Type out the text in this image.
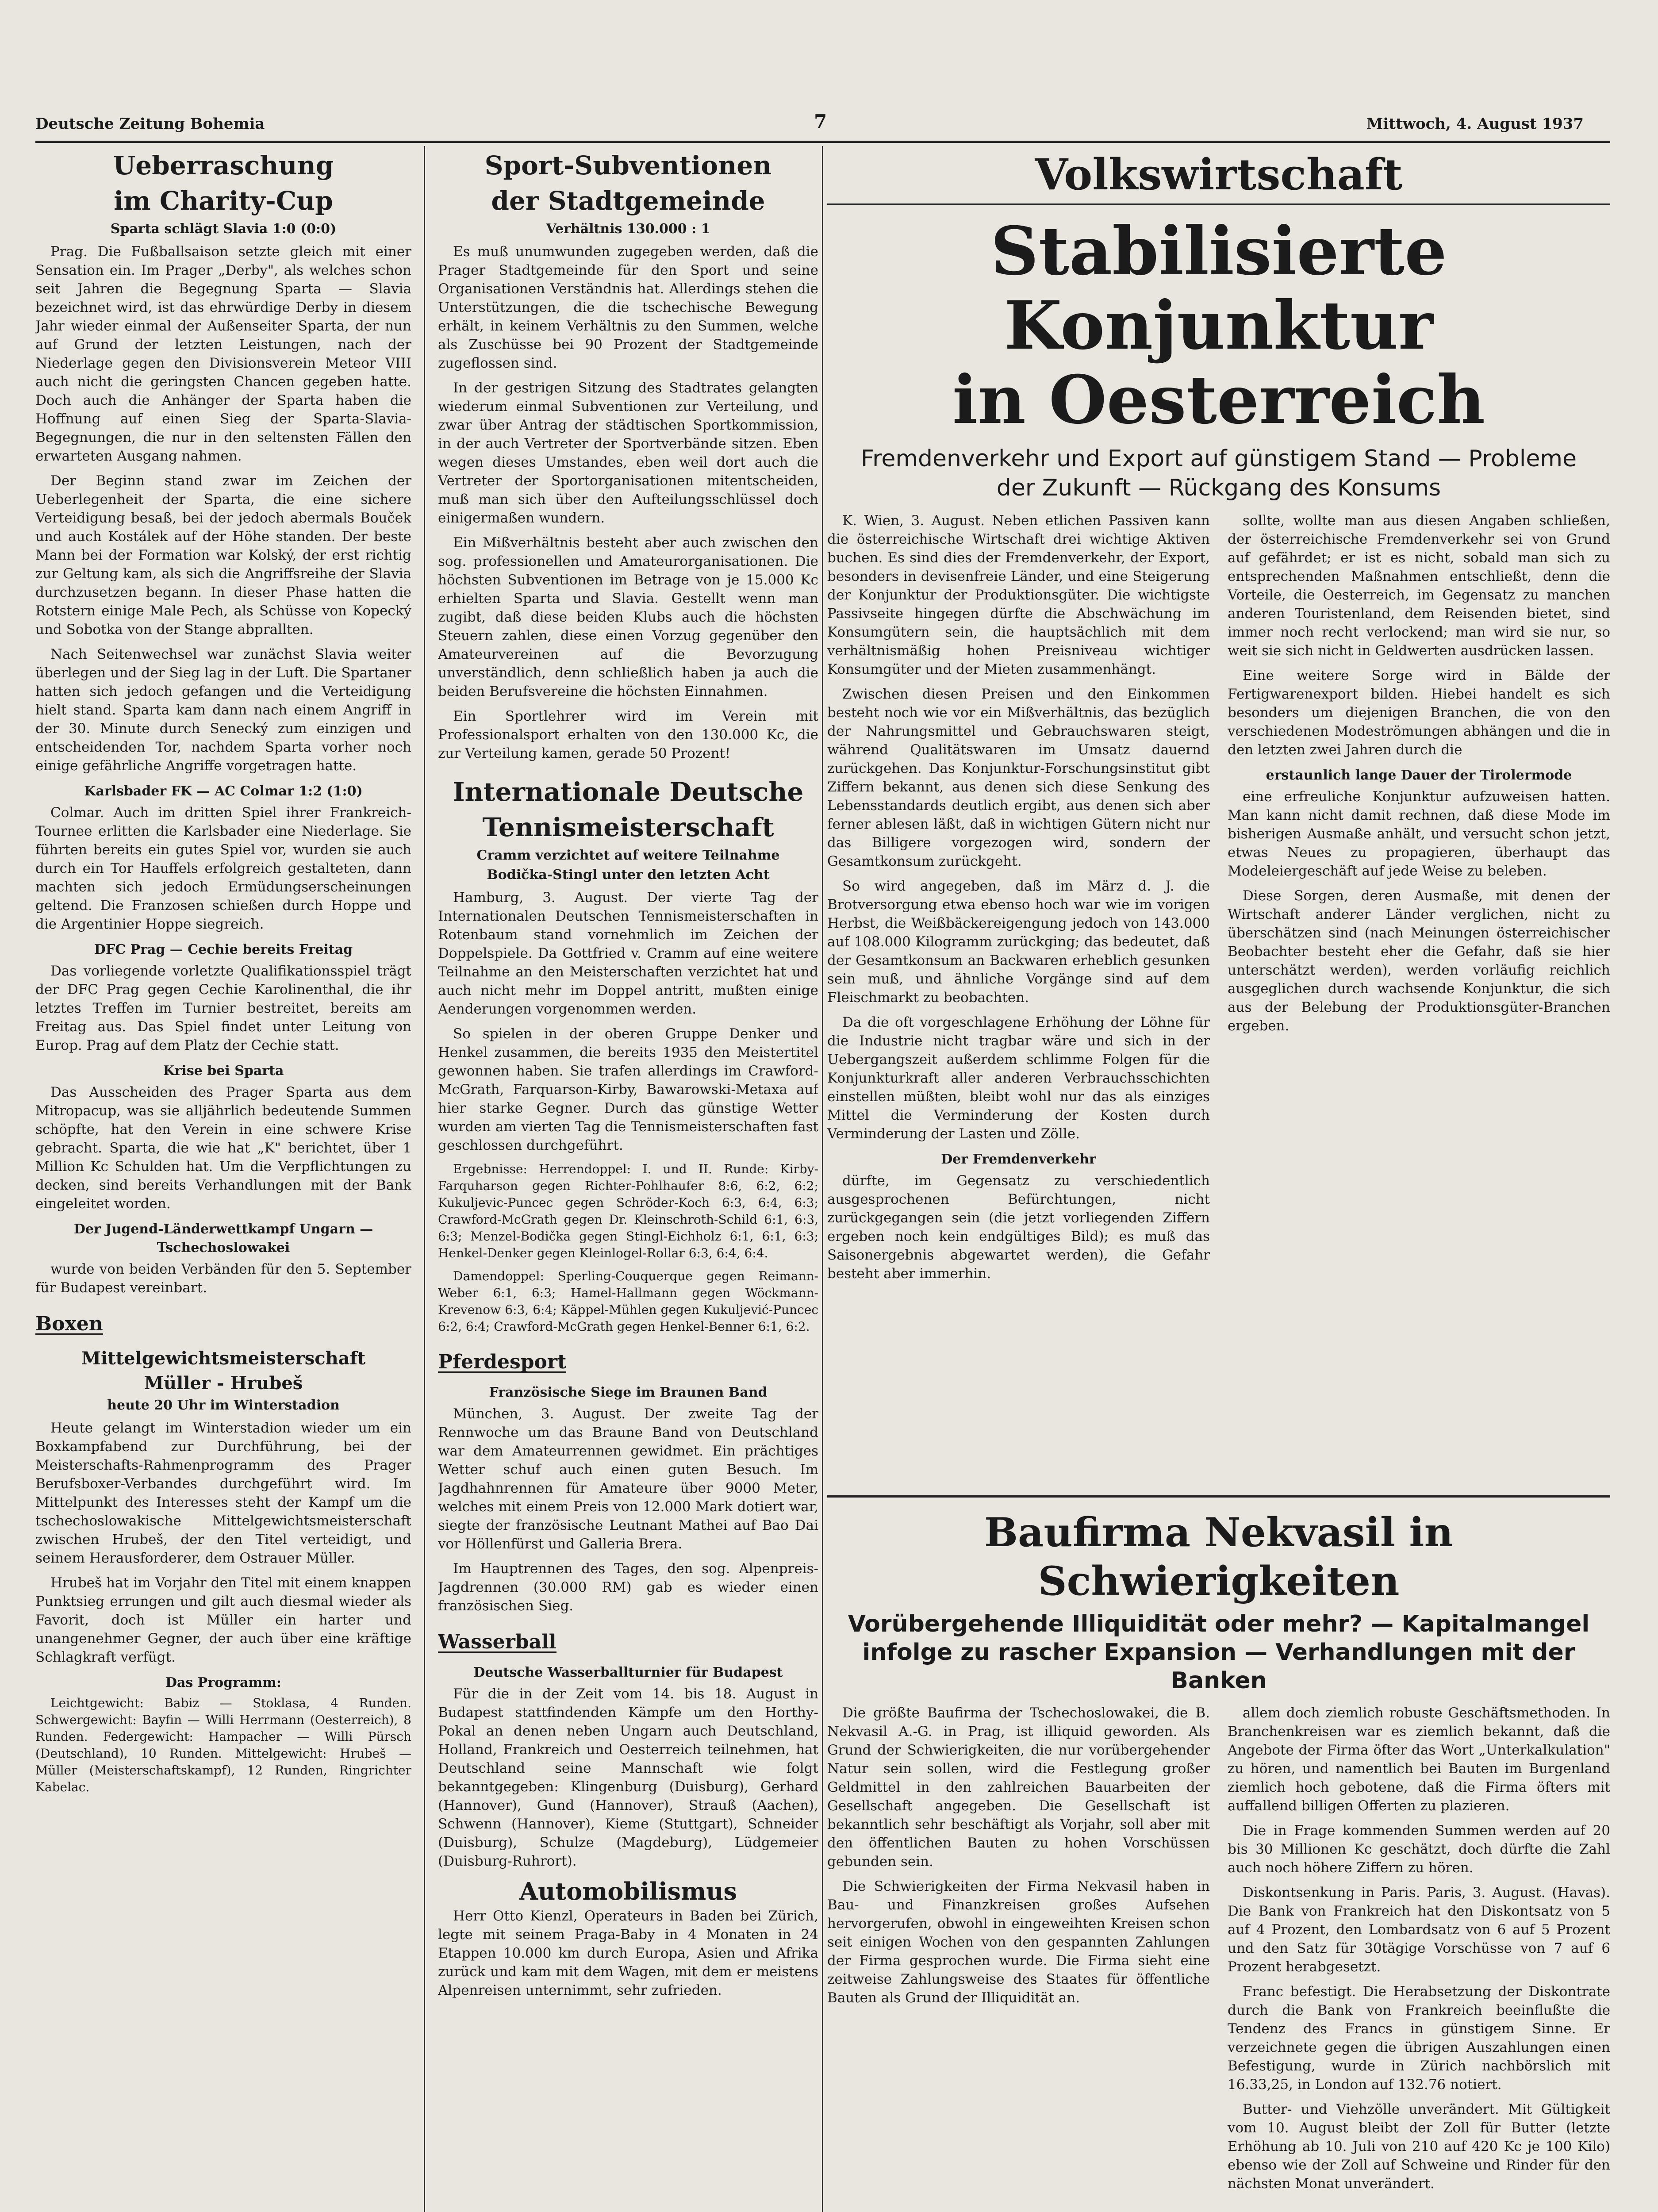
Deutsche Zeitung Bohemia	7	Mittwoch, 4. August 1937
Ueberraschung
im Charity-Cup
Sparta schlägt Slavia 1:0 (0:0)

Prag. Die Fußballsaison setzte gleich mit einer Sensation ein. Im Prager „Derby", als welches schon seit Jahren die Begegnung Sparta — Slavia bezeichnet wird, ist das ehrwürdige Derby in diesem Jahr wieder einmal der Außenseiter Sparta, der nun auf Grund der letzten Leistungen, nach der Niederlage gegen den Divisionsverein Meteor VIII auch nicht die geringsten Chancen gegeben hatte. Doch auch die Anhänger der Sparta haben die Hoffnung auf einen Sieg der Sparta-Slavia-Begegnungen, die nur in den seltensten Fällen den erwarteten Ausgang nahmen.

Der Beginn stand zwar im Zeichen der Ueberlegenheit der Sparta, die eine sichere Verteidigung besaß, bei der jedoch abermals Bouček und auch Kostálek auf der Höhe standen. Der beste Mann bei der Formation war Kolský, der erst richtig zur Geltung kam, als sich die Angriffsreihe der Slavia durchzusetzen begann. In dieser Phase hatten die Rotstern einige Male Pech, als Schüsse von Kopecký und Sobotka von der Stange abprallten.

Nach Seitenwechsel war zunächst Slavia weiter überlegen und der Sieg lag in der Luft. Die Spartaner hatten sich jedoch gefangen und die Verteidigung hielt stand. Sparta kam dann nach einem Angriff in der 30. Minute durch Senecký zum einzigen und entscheidenden Tor, nachdem Sparta vorher noch einige gefährliche Angriffe vorgetragen hatte.

Karlsbader FK — AC Colmar 1:2 (1:0)

Colmar. Auch im dritten Spiel ihrer Frankreich-Tournee erlitten die Karlsbader eine Niederlage. Sie führten bereits ein gutes Spiel vor, wurden sie auch durch ein Tor Hauffels erfolgreich gestalteten, dann machten sich jedoch Ermüdungserscheinungen geltend. Die Franzosen schießen durch Hoppe und die Argentinier Hoppe siegreich.

DFC Prag — Cechie bereits Freitag

Das vorliegende vorletzte Qualifikationsspiel trägt der DFC Prag gegen Cechie Karolinenthal, die ihr letztes Treffen im Turnier bestreitet, bereits am Freitag aus. Das Spiel findet unter Leitung von Europ. Prag auf dem Platz der Cechie statt.

Krise bei Sparta

Das Ausscheiden des Prager Sparta aus dem Mitropacup, was sie alljährlich bedeutende Summen schöpfte, hat den Verein in eine schwere Krise gebracht. Sparta, die wie hat „K" berichtet, über 1 Million Kc Schulden hat. Um die Verpflichtungen zu decken, sind bereits Verhandlungen mit der Bank eingeleitet worden.

Der Jugend-Länderwettkampf Ungarn — Tschechoslowakei

wurde von beiden Verbänden für den 5. September für Budapest vereinbart.

Boxen
Mittelgewichtsmeisterschaft
Müller - Hrubeš
heute 20 Uhr im Winterstadion

Heute gelangt im Winterstadion wieder um ein Boxkampfabend zur Durchführung, bei der Meisterschafts-Rahmenprogramm des Prager Berufsboxer-Verbandes durchgeführt wird. Im Mittelpunkt des Interesses steht der Kampf um die tschechoslowakische Mittelgewichtsmeisterschaft zwischen Hrubeš, der den Titel verteidigt, und seinem Herausforderer, dem Ostrauer Müller.

Hrubeš hat im Vorjahr den Titel mit einem knappen Punktsieg errungen und gilt auch diesmal wieder als Favorit, doch ist Müller ein harter und unangenehmer Gegner, der auch über eine kräftige Schlagkraft verfügt.

Das Programm:

Leichtgewicht: Babiz — Stoklasa, 4 Runden. Schwergewicht: Bayfin — Willi Herrmann (Oesterreich), 8 Runden. Federgewicht: Hampacher — Willi Pürsch (Deutschland), 10 Runden. Mittelgewicht: Hrubeš — Müller (Meisterschaftskampf), 12 Runden, Ringrichter Kabelac.

Sport-Subventionen
der Stadtgemeinde
Verhältnis 130.000 : 1

Es muß unumwunden zugegeben werden, daß die Prager Stadtgemeinde für den Sport und seine Organisationen Verständnis hat. Allerdings stehen die Unterstützungen, die die tschechische Bewegung erhält, in keinem Verhältnis zu den Summen, welche als Zuschüsse bei 90 Prozent der Stadtgemeinde zugeflossen sind.

In der gestrigen Sitzung des Stadtrates gelangten wiederum einmal Subventionen zur Verteilung, und zwar über Antrag der städtischen Sportkommission, in der auch Vertreter der Sportverbände sitzen. Eben wegen dieses Umstandes, eben weil dort auch die Vertreter der Sportorganisationen mitentscheiden, muß man sich über den Aufteilungsschlüssel doch einigermaßen wundern.

Ein Mißverhältnis besteht aber auch zwischen den sog. professionellen und Amateurorganisationen. Die höchsten Subventionen im Betrage von je 15.000 Kc erhielten Sparta und Slavia. Gestellt wenn man zugibt, daß diese beiden Klubs auch die höchsten Steuern zahlen, diese einen Vorzug gegenüber den Amateurvereinen auf die Bevorzugung unverständlich, denn schließlich haben ja auch die beiden Berufsvereine die höchsten Einnahmen.

Ein Sportlehrer wird im Verein mit Professionalsport erhalten von den 130.000 Kc, die zur Verteilung kamen, gerade 50 Prozent!

Internationale Deutsche
Tennismeisterschaft
Cramm verzichtet auf weitere Teilnahme
Bodička-Stingl unter den letzten Acht

Hamburg, 3. August. Der vierte Tag der Internationalen Deutschen Tennismeisterschaften in Rotenbaum stand vornehmlich im Zeichen der Doppelspiele. Da Gottfried v. Cramm auf eine weitere Teilnahme an den Meisterschaften verzichtet hat und auch nicht mehr im Doppel antritt, mußten einige Aenderungen vorgenommen werden.

So spielen in der oberen Gruppe Denker und Henkel zusammen, die bereits 1935 den Meistertitel gewonnen haben. Sie trafen allerdings im Crawford-McGrath, Farquarson-Kirby, Bawarowski-Metaxa auf hier starke Gegner. Durch das günstige Wetter wurden am vierten Tag die Tennismeisterschaften fast geschlossen durchgeführt.

Ergebnisse: Herrendoppel: I. und II. Runde: Kirby-Farquharson gegen Richter-Pohlhaufer 8:6, 6:2, 6:2; Kukuljevic-Puncec gegen Schröder-Koch 6:3, 6:4, 6:3; Crawford-McGrath gegen Dr. Kleinschroth-Schild 6:1, 6:3, 6:3; Menzel-Bodička gegen Stingl-Eichholz 6:1, 6:1, 6:3; Henkel-Denker gegen Kleinlogel-Rollar 6:3, 6:4, 6:4.

Damendoppel: Sperling-Couquerque gegen Reimann-Weber 6:1, 6:3; Hamel-Hallmann gegen Wöckmann-Krevenow 6:3, 6:4; Käppel-Mühlen gegen Kukuljević-Puncec 6:2, 6:4; Crawford-McGrath gegen Henkel-Benner 6:1, 6:2.

Pferdesport
Französische Siege im Braunen Band

München, 3. August. Der zweite Tag der Rennwoche um das Braune Band von Deutschland war dem Amateurrennen gewidmet. Ein prächtiges Wetter schuf auch einen guten Besuch. Im Jagdhahnrennen für Amateure über 9000 Meter, welches mit einem Preis von 12.000 Mark dotiert war, siegte der französische Leutnant Mathei auf Bao Dai vor Höllenfürst und Galleria Brera.

Im Hauptrennen des Tages, den sog. Alpenpreis-Jagdrennen (30.000 RM) gab es wieder einen französischen Sieg.

Wasserball
Deutsche Wasserballturnier für Budapest

Für die in der Zeit vom 14. bis 18. August in Budapest stattfindenden Kämpfe um den Horthy-Pokal an denen neben Ungarn auch Deutschland, Holland, Frankreich und Oesterreich teilnehmen, hat Deutschland seine Mannschaft wie folgt bekanntgegeben: Klingenburg (Duisburg), Gerhard (Hannover), Gund (Hannover), Strauß (Aachen), Schwenn (Hannover), Kieme (Stuttgart), Schneider (Duisburg), Schulze (Magdeburg), Lüdgemeier (Duisburg-Ruhrort).

Automobilismus

Herr Otto Kienzl, Operateurs in Baden bei Zürich, legte mit seinem Praga-Baby in 4 Monaten in 24 Etappen 10.000 km durch Europa, Asien und Afrika zurück und kam mit dem Wagen, mit dem er meistens Alpenreisen unternimmt, sehr zufrieden.

Volkswirtschaft
Stabilisierte Konjunktur
in Oesterreich
Fremdenverkehr und Export auf günstigem Stand — Probleme
der Zukunft — Rückgang des Konsums

K. Wien, 3. August. Neben etlichen Passiven kann die österreichische Wirtschaft drei wichtige Aktiven buchen. Es sind dies der Fremdenverkehr, der Export, besonders in devisenfreie Länder, und eine Steigerung der Konjunktur der Produktionsgüter. Die wichtigste Passivseite hingegen dürfte die Abschwächung im Konsumgütern sein, die hauptsächlich mit dem verhältnismäßig hohen Preisniveau wichtiger Konsumgüter und der Mieten zusammenhängt.

Zwischen diesen Preisen und den Einkommen besteht noch wie vor ein Mißverhältnis, das bezüglich der Nahrungsmittel und Gebrauchswaren steigt, während Qualitätswaren im Umsatz dauernd zurückgehen. Das Konjunktur-Forschungsinstitut gibt Ziffern bekannt, aus denen sich diese Senkung des Lebensstandards deutlich ergibt, aus denen sich aber ferner ablesen läßt, daß in wichtigen Gütern nicht nur das Billigere vorgezogen wird, sondern der Gesamtkonsum zurückgeht.

So wird angegeben, daß im März d. J. die Brotversorgung etwa ebenso hoch war wie im vorigen Herbst, die Weißbäckereigengung jedoch von 143.000 auf 108.000 Kilogramm zurückging; das bedeutet, daß der Gesamtkonsum an Backwaren erheblich gesunken sein muß, und ähnliche Vorgänge sind auf dem Fleischmarkt zu beobachten.

Da die oft vorgeschlagene Erhöhung der Löhne für die Industrie nicht tragbar wäre und sich in der Uebergangszeit außerdem schlimme Folgen für die Konjunkturkraft aller anderen Verbrauchsschichten einstellen müßten, bleibt wohl nur das als einziges Mittel die Verminderung der Kosten durch Verminderung der Lasten und Zölle.

Der Fremdenverkehr

dürfte, im Gegensatz zu verschiedentlich ausgesprochenen Befürchtungen, nicht zurückgegangen sein (die jetzt vorliegenden Ziffern ergeben noch kein endgültiges Bild); es muß das Saisonergebnis abgewartet werden), die Gefahr besteht aber immerhin.

sollte, wollte man aus diesen Angaben schließen, der österreichische Fremdenverkehr sei von Grund auf gefährdet; er ist es nicht, sobald man sich zu entsprechenden Maßnahmen entschließt, denn die Vorteile, die Oesterreich, im Gegensatz zu manchen anderen Touristenland, dem Reisenden bietet, sind immer noch recht verlockend; man wird sie nur, so weit sie sich nicht in Geldwerten ausdrücken lassen.

Eine weitere Sorge wird in Bälde der Fertigwarenexport bilden. Hiebei handelt es sich besonders um diejenigen Branchen, die von den verschiedenen Modeströmungen abhängen und die in den letzten zwei Jahren durch die

erstaunlich lange Dauer der Tirolermode

eine erfreuliche Konjunktur aufzuweisen hatten. Man kann nicht damit rechnen, daß diese Mode im bisherigen Ausmaße anhält, und versucht schon jetzt, etwas Neues zu propagieren, überhaupt das Modeleiergeschäft auf jede Weise zu beleben.

Diese Sorgen, deren Ausmaße, mit denen der Wirtschaft anderer Länder verglichen, nicht zu überschätzen sind (nach Meinungen österreichischer Beobachter besteht eher die Gefahr, daß sie hier unterschätzt werden), werden vorläufig reichlich ausgeglichen durch wachsende Konjunktur, die sich aus der Belebung der Produktionsgüter-Branchen ergeben.

Baufirma Nekvasil in Schwierigkeiten
Vorübergehende Illiquidität oder mehr? — Kapitalmangel
infolge zu rascher Expansion — Verhandlungen mit der Banken

Die größte Baufirma der Tschechoslowakei, die B. Nekvasil A.-G. in Prag, ist illiquid geworden. Als Grund der Schwierigkeiten, die nur vorübergehender Natur sein sollen, wird die Festlegung großer Geldmittel in den zahlreichen Bauarbeiten der Gesellschaft angegeben. Die Gesellschaft ist bekanntlich sehr beschäftigt als Vorjahr, soll aber mit den öffentlichen Bauten zu hohen Vorschüssen gebunden sein.

Die Schwierigkeiten der Firma Nekvasil haben in Bau- und Finanzkreisen großes Aufsehen hervorgerufen, obwohl in eingeweihten Kreisen schon seit einigen Wochen von den gespannten Zahlungen der Firma gesprochen wurde. Die Firma sieht eine zeitweise Zahlungsweise des Staates für öffentliche Bauten als Grund der Illiquidität an.

allem doch ziemlich robuste Geschäftsmethoden. In Branchenkreisen war es ziemlich bekannt, daß die Angebote der Firma öfter das Wort „Unterkalkulation" zu hören, und namentlich bei Bauten im Burgenland ziemlich hoch gebotene, daß die Firma öfters mit auffallend billigen Offerten zu plazieren.

Die in Frage kommenden Summen werden auf 20 bis 30 Millionen Kc geschätzt, doch dürfte die Zahl auch noch höhere Ziffern zu hören.

Diskontsenkung in Paris. Paris, 3. August. (Havas). Die Bank von Frankreich hat den Diskontsatz von 5 auf 4 Prozent, den Lombardsatz von 6 auf 5 Prozent und den Satz für 30tägige Vorschüsse von 7 auf 6 Prozent herabgesetzt.

Franc befestigt. Die Herabsetzung der Diskontrate durch die Bank von Frankreich beeinflußte die Tendenz des Francs in günstigem Sinne. Er verzeichnete gegen die übrigen Auszahlungen einen Befestigung, wurde in Zürich nachbörslich mit 16.33,25, in London auf 132.76 notiert.

Butter- und Viehzölle unverändert. Mit Gültigkeit vom 10. August bleibt der Zoll für Butter (letzte Erhöhung ab 10. Juli von 210 auf 420 Kc je 100 Kilo) ebenso wie der Zoll auf Schweine und Rinder für den nächsten Monat unverändert.
